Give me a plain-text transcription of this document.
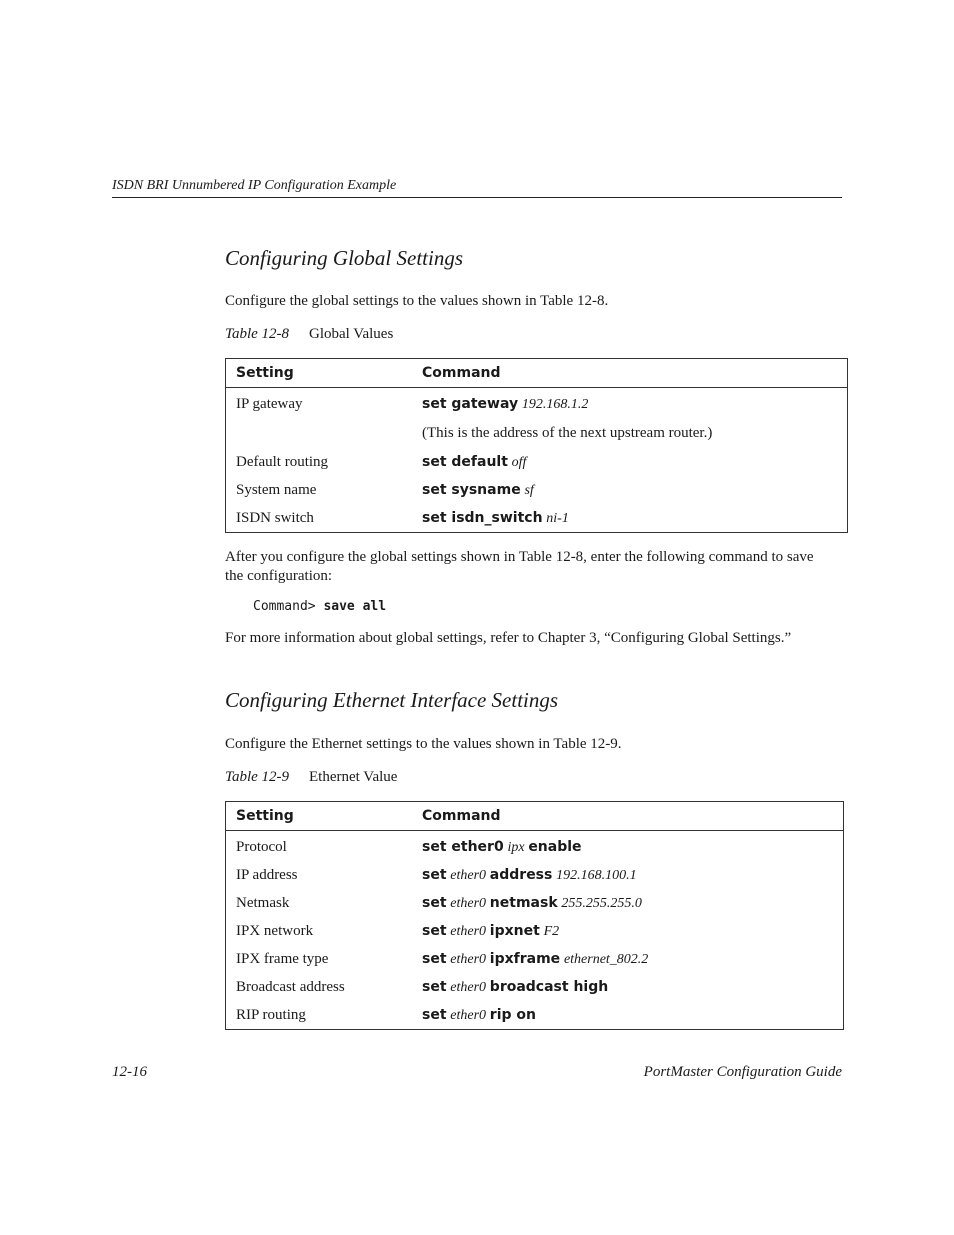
ISDN BRI Unnumbered IP Configuration Example
Configuring Global Settings

Configure the global settings to the values shown in Table 12-8.

Table 12-8 Global Values
Setting	Command
IP gateway	set gateway 192.168.1.2
(This is the address of the next upstream router.)
Default routing	set default off
System name	set sysname sf
ISDN switch	set isdn_switch ni-1

After you configure the global settings shown in Table 12-8, enter the following command to save the configuration:

Command> save all

For more information about global settings, refer to Chapter 3, “Configuring Global Settings.”

Configuring Ethernet Interface Settings

Configure the Ethernet settings to the values shown in Table 12-9.

Table 12-9 Ethernet Value
Setting	Command
Protocol	set ether0 ipx enable
IP address	set ether0 address 192.168.100.1
Netmask	set ether0 netmask 255.255.255.0
IPX network	set ether0 ipxnet F2
IPX frame type	set ether0 ipxframe ethernet_802.2
Broadcast address	set ether0 broadcast high
RIP routing	set ether0 rip on
12-16	PortMaster Configuration Guide
